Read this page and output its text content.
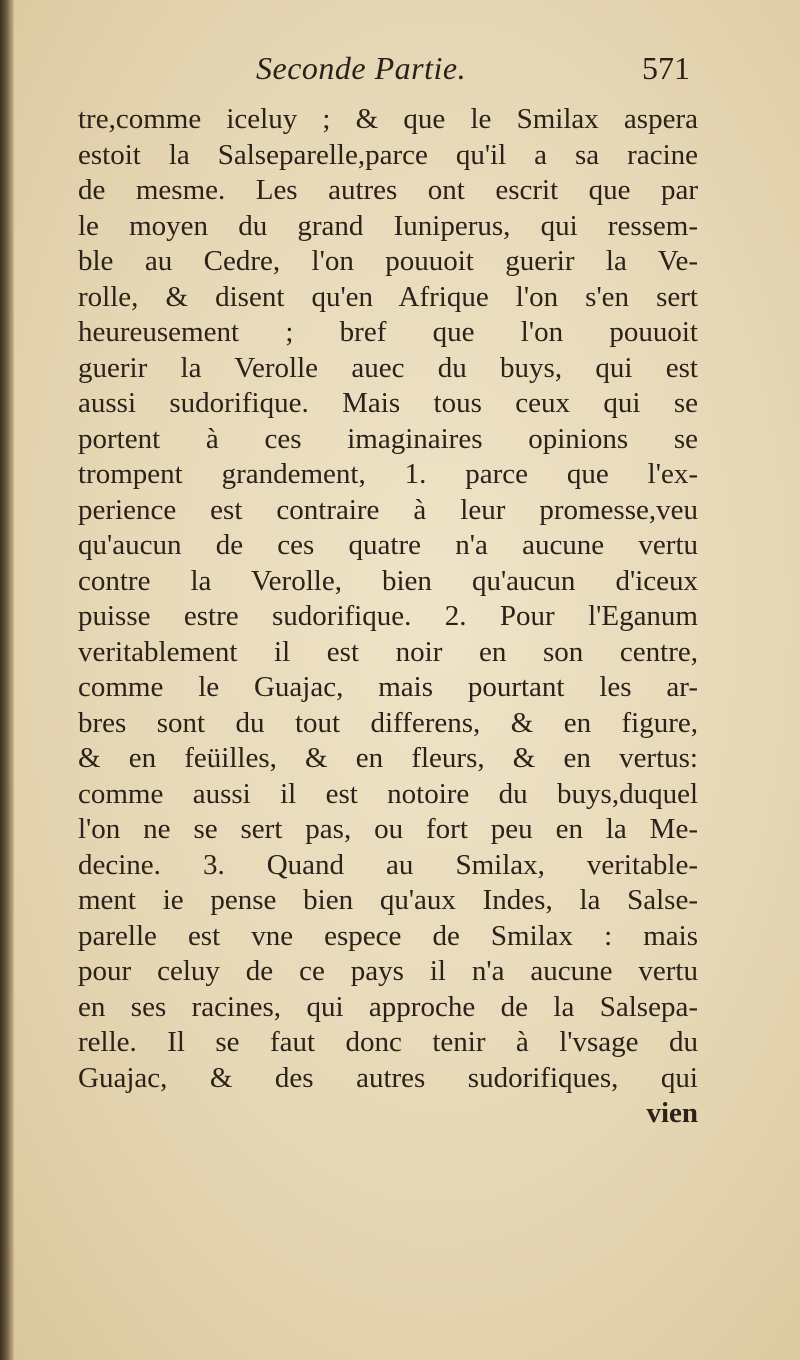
Seconde Partie.	571
tre,comme iceluy ; & que le Smilax aspera
estoit la Salseparelle,parce qu'il a sa racine
de mesme. Les autres ont escrit que par
le moyen du grand Iuniperus, qui ressem-
ble au Cedre, l'on pouuoit guerir la Ve-
rolle, & disent qu'en Afrique l'on s'en sert
heureusement ; bref que l'on pouuoit
guerir la Verolle auec du buys, qui est
aussi sudorifique. Mais tous ceux qui se
portent à ces imaginaires opinions se
trompent grandement, 1. parce que l'ex-
perience est contraire à leur promesse,veu
qu'aucun de ces quatre n'a aucune vertu
contre la Verolle, bien qu'aucun d'iceux
puisse estre sudorifique. 2. Pour l'Eganum
veritablement il est noir en son centre,
comme le Guajac, mais pourtant les ar-
bres sont du tout differens, & en figure,
& en feüilles, & en fleurs, & en vertus:
comme aussi il est notoire du buys,duquel
l'on ne se sert pas, ou fort peu en la Me-
decine. 3. Quand au Smilax, veritable-
ment ie pense bien qu'aux Indes, la Salse-
parelle est vne espece de Smilax : mais
pour celuy de ce pays il n'a aucune vertu
en ses racines, qui approche de la Salsepa-
relle. Il se faut donc tenir à l'vsage du
Guajac, & des autres sudorifiques, qui
vien
